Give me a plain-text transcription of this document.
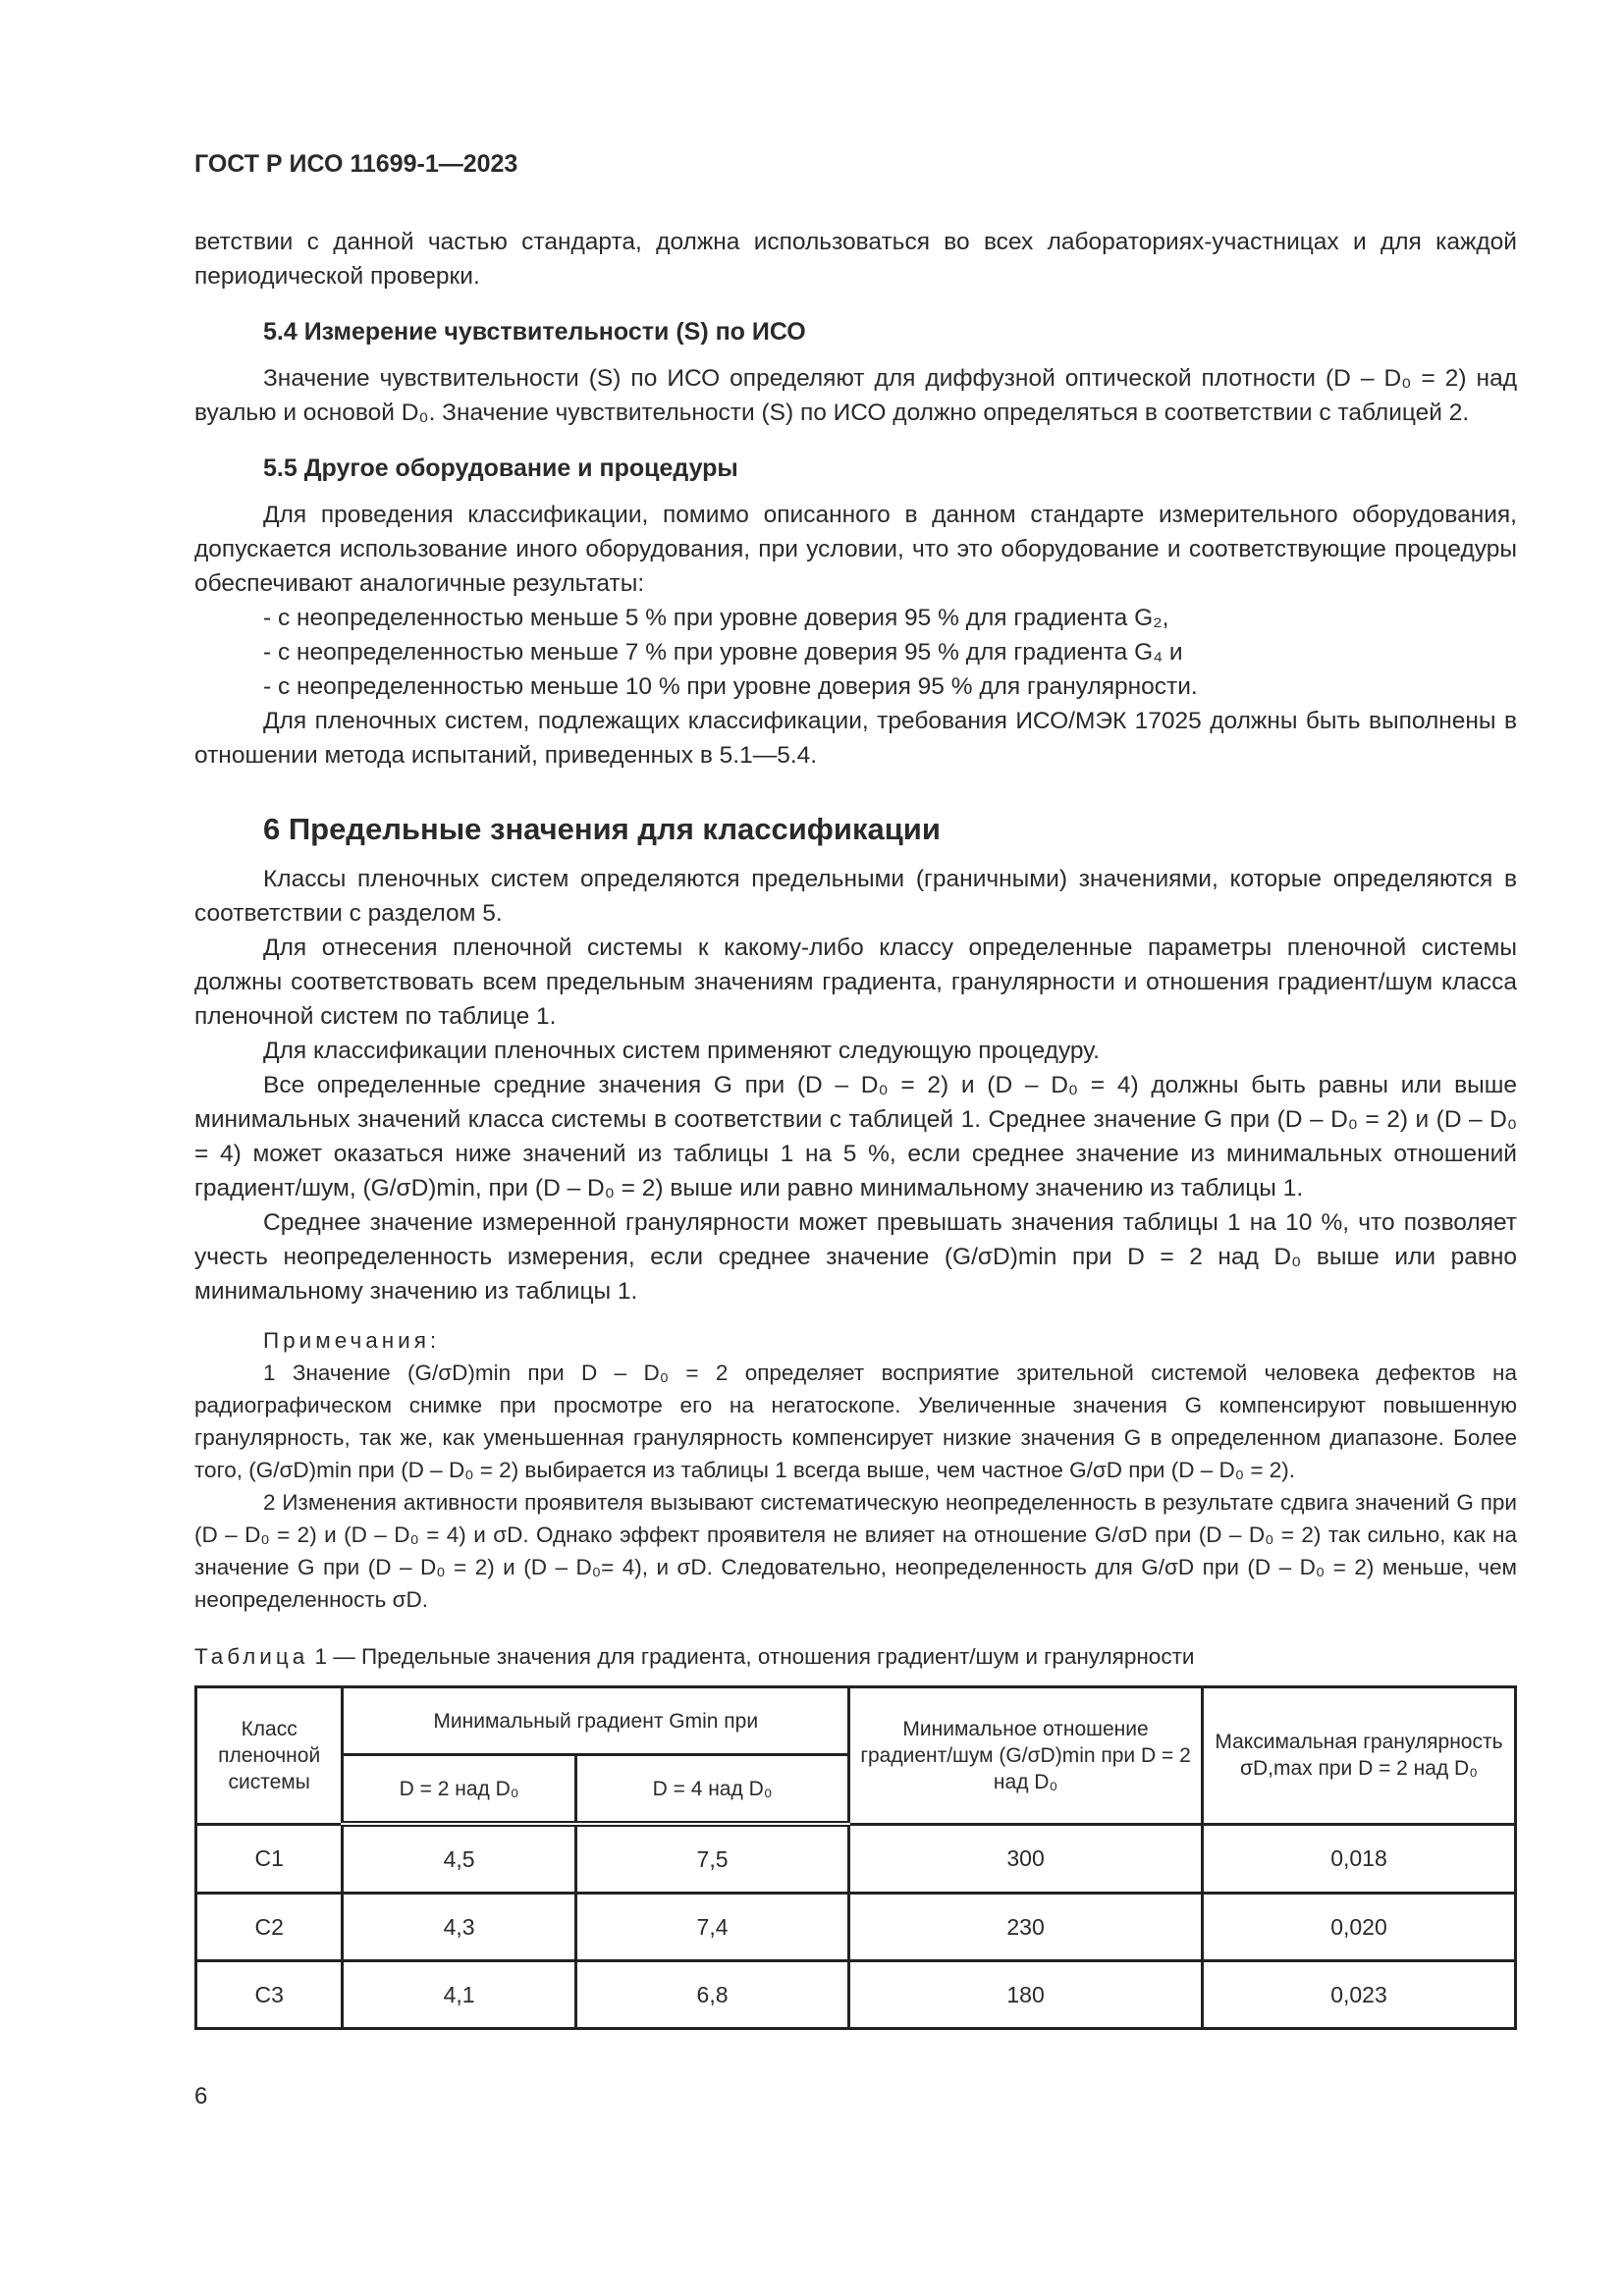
ГОСТ Р ИСО 11699-1—2023

ветствии с данной частью стандарта, должна использоваться во всех лабораториях-участницах и для каждой периодической проверки.

5.4 Измерение чувствительности (S) по ИСО

Значение чувствительности (S) по ИСО определяют для диффузной оптической плотности (D – D₀ = 2) над вуалью и основой D₀. Значение чувствительности (S) по ИСО должно определяться в соответствии с таблицей 2.

5.5 Другое оборудование и процедуры

Для проведения классификации, помимо описанного в данном стандарте измерительного оборудования, допускается использование иного оборудования, при условии, что это оборудование и соответствующие процедуры обеспечивают аналогичные результаты:

- с неопределенностью меньше 5 % при уровне доверия 95 % для градиента G₂,

- с неопределенностью меньше 7 % при уровне доверия 95 % для градиента G₄ и

- с неопределенностью меньше 10 % при уровне доверия 95 % для гранулярности.

Для пленочных систем, подлежащих классификации, требования ИСО/МЭК 17025 должны быть выполнены в отношении метода испытаний, приведенных в 5.1—5.4.

6 Предельные значения для классификации

Классы пленочных систем определяются предельными (граничными) значениями, которые определяются в соответствии с разделом 5.

Для отнесения пленочной системы к какому-либо классу определенные параметры пленочной системы должны соответствовать всем предельным значениям градиента, гранулярности и отношения градиент/шум класса пленочной систем по таблице 1.

Для классификации пленочных систем применяют следующую процедуру.

Все определенные средние значения G при (D – D₀ = 2) и (D – D₀ = 4) должны быть равны или выше минимальных значений класса системы в соответствии с таблицей 1. Среднее значение G при (D – D₀ = 2) и (D – D₀ = 4) может оказаться ниже значений из таблицы 1 на 5 %, если среднее значение из минимальных отношений градиент/шум, (G/σD)min, при (D – D₀ = 2) выше или равно минимальному значению из таблицы 1.

Среднее значение измеренной гранулярности может превышать значения таблицы 1 на 10 %, что позволяет учесть неопределенность измерения, если среднее значение (G/σD)min при D = 2 над D₀ выше или равно минимальному значению из таблицы 1.

Примечания:

1 Значение (G/σD)min при D – D₀ = 2 определяет восприятие зрительной системой человека дефектов на радиографическом снимке при просмотре его на негатоскопе. Увеличенные значения G компенсируют повышенную гранулярность, так же, как уменьшенная гранулярность компенсирует низкие значения G в определенном диапазоне. Более того, (G/σD)min при (D – D₀ = 2) выбирается из таблицы 1 всегда выше, чем частное G/σD при (D – D₀ = 2).

2 Изменения активности проявителя вызывают систематическую неопределенность в результате сдвига значений G при (D – D₀ = 2) и (D – D₀ = 4) и σD. Однако эффект проявителя не влияет на отношение G/σD при (D – D₀ = 2) так сильно, как на значение G при (D – D₀ = 2) и (D – D₀= 4), и σD. Следовательно, неопределенность для G/σD при (D – D₀ = 2) меньше, чем неопределенность σD.

Таблица 1 — Предельные значения для градиента, отношения градиент/шум и гранулярности
Класс пленочной системы	Минимальный градиент Gmin при		Минимальное отношение градиент/шум (G/σD)min при D = 2 над D₀	Максимальная гранулярность σD,max при D = 2 над D₀
	D = 2 над D₀	D = 4 над D₀		
C1	4,5	7,5	300	0,018
C2	4,3	7,4	230	0,020
C3	4,1	6,8	180	0,023
6
